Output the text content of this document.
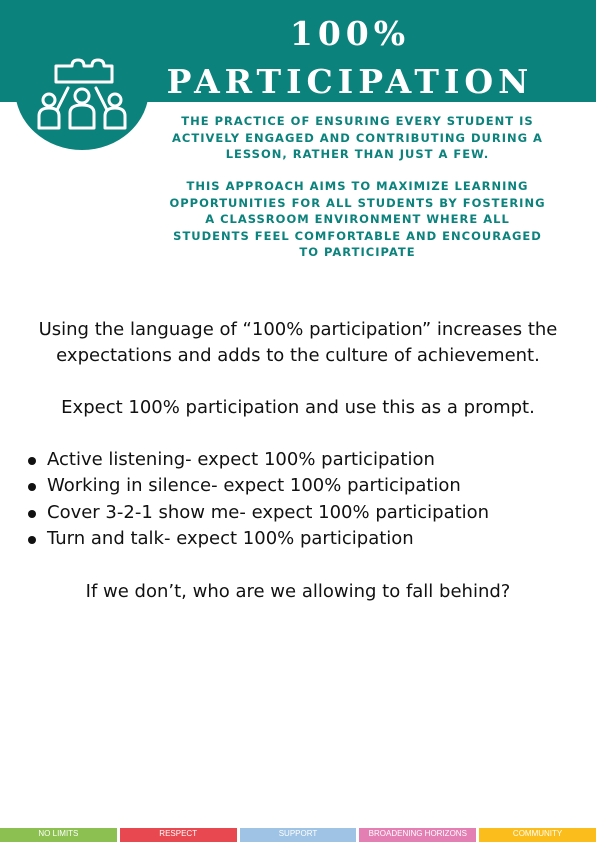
100%
PARTICIPATION

THE PRACTICE OF ENSURING EVERY STUDENT IS ACTIVELY ENGAGED AND CONTRIBUTING DURING A LESSON, RATHER THAN JUST A FEW.

THIS APPROACH AIMS TO MAXIMIZE LEARNING OPPORTUNITIES FOR ALL STUDENTS BY FOSTERING A CLASSROOM ENVIRONMENT WHERE ALL STUDENTS FEEL COMFORTABLE AND ENCOURAGED TO PARTICIPATE

Using the language of “100% participation” increases the expectations and adds to the culture of achievement.

Expect 100% participation and use this as a prompt.

Active listening- expect 100% participation
Working in silence- expect 100% participation
Cover 3-2-1 show me- expect 100% participation
Turn and talk- expect 100% participation

If we don’t, who are we allowing to fall behind?

NO LIMITS	RESPECT	SUPPORT	BROADENING HORIZONS	COMMUNITY
